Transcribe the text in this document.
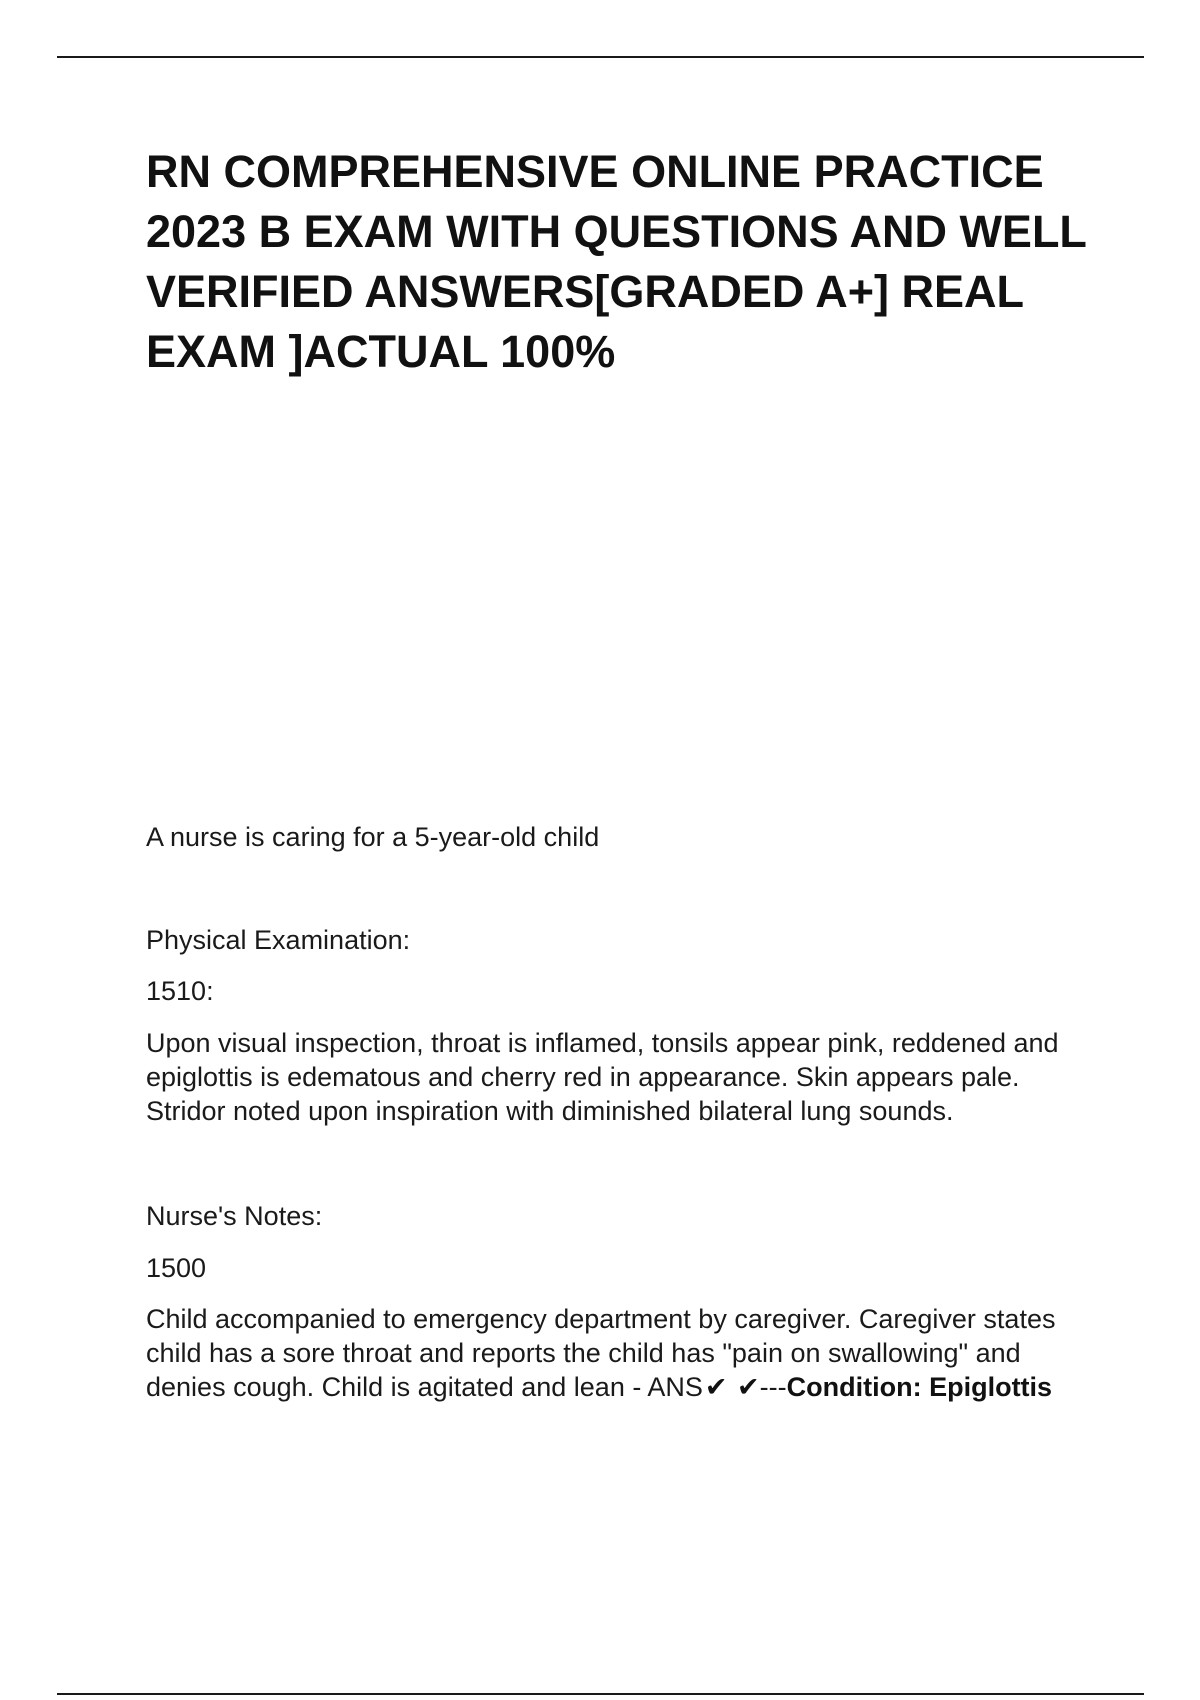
RN COMPREHENSIVE ONLINE PRACTICE 2023 B EXAM WITH QUESTIONS AND WELL VERIFIED ANSWERS[GRADED A+] REAL EXAM ]ACTUAL 100%

A nurse is caring for a 5-year-old child

Physical Examination:

1510:

Upon visual inspection, throat is inflamed, tonsils appear pink, reddened and epiglottis is edematous and cherry red in appearance. Skin appears pale. Stridor noted upon inspiration with diminished bilateral lung sounds.

Nurse's Notes:

1500

Child accompanied to emergency department by caregiver. Caregiver states child has a sore throat and reports the child has "pain on swallowing" and denies cough. Child is agitated and lean - ANS✔ ✔---Condition: Epiglottis
